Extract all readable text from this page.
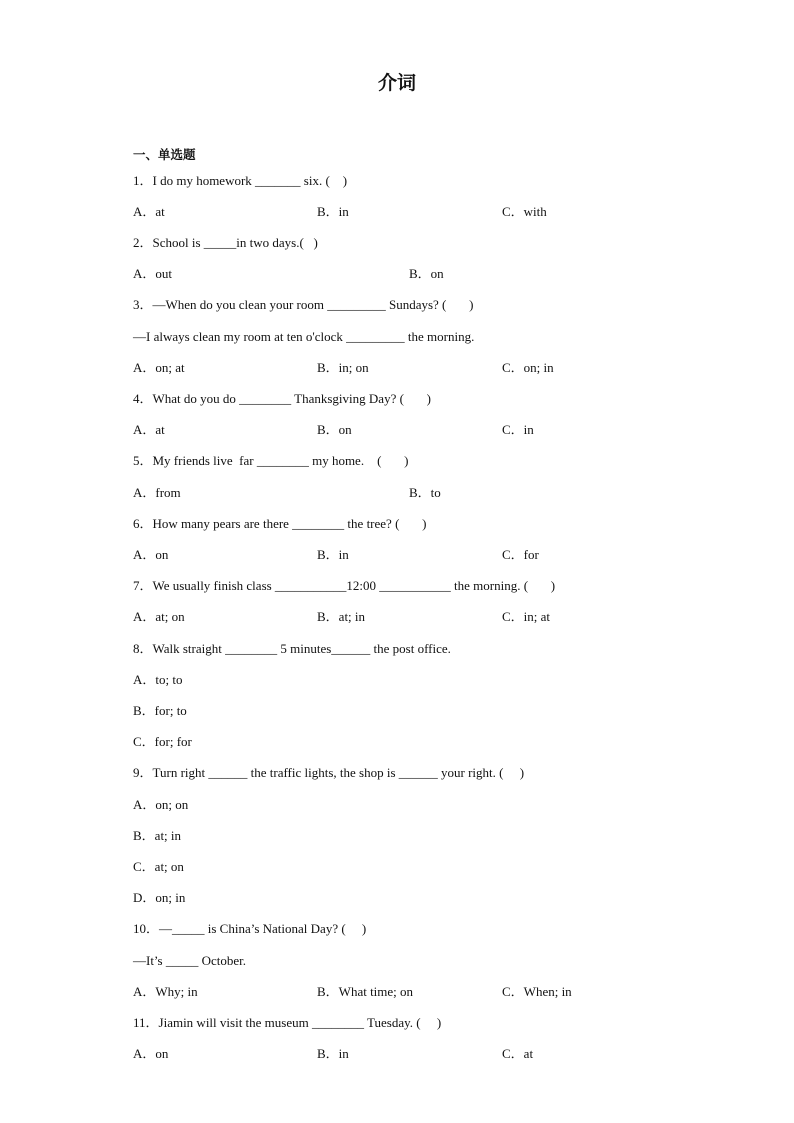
介词
一、单选题
1．I do my homework _______ six. (    )
A．at	B．in	C．with
2．School is _____in two days.(   )
A．out	B．on
3．—When do you clean your room _________ Sundays? (       )
—I always clean my room at ten o'clock _________ the morning.
A．on; at	B．in; on	C．on; in
4．What do you do ________ Thanksgiving Day? (       )
A．at	B．on	C．in
5．My friends live  far ________ my home.    (       )
A．from	B．to
6．How many pears are there ________ the tree? (       )
A．on	B．in	C．for
7．We usually finish class ___________12:00 ___________ the morning. (       )
A．at; on	B．at; in	C．in; at
8．Walk straight ________ 5 minutes______ the post office.
A．to; to
B．for; to
C．for; for
9．Turn right ______ the traffic lights, the shop is ______ your right. (     )
A．on; on
B．at; in
C．at; on
D．on; in
10．—_____ is China’s National Day? (     )
—It’s _____ October.
A．Why; in	B．What time; on	C．When; in
11．Jiamin will visit the museum ________ Tuesday. (     )
A．on	B．in	C．at
